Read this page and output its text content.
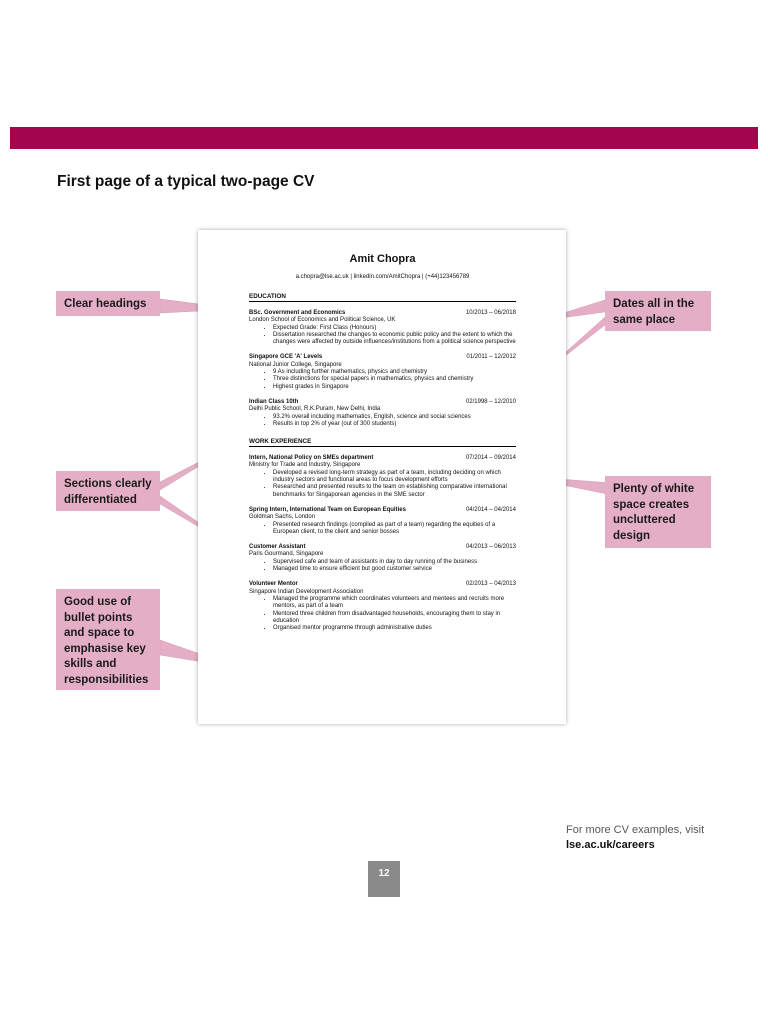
First page of a typical two-page CV
Clear headings
Sections clearly differentiated
Good use of bullet points and space to emphasise key skills and responsibilities
Dates all in the same place
Plenty of white space creates uncluttered design
Amit Chopra
a.chopra@lse.ac.uk | linkedin.com/AmitChopra | (+44)123456789
EDUCATION
BSc. Government and Economics	10/2013 – 06/2018
London School of Economics and Political Science, UK
• Expected Grade: First Class (Honours)
• Dissertation researched the changes to economic public policy and the extent to which the changes were affected by outside influences/institutions from a political science perspective
Singapore GCE 'A' Levels	01/2011 – 12/2012
National Junior College, Singapore
• 9 As including further mathematics, physics and chemistry
• Three distinctions for special papers in mathematics, physics and chemistry
• Highest grades in Singapore
Indian Class 10th	02/1998 – 12/2010
Delhi Public School, R.K.Puram, New Delhi, India
• 93.2% overall including mathematics, English, science and social sciences
• Results in top 2% of year (out of 300 students)
WORK EXPERIENCE
Intern, National Policy on SMEs department	07/2014 – 09/2014
Ministry for Trade and Industry, Singapore
• Developed a revised long-term strategy as part of a team, including deciding on which industry sectors and functional areas to focus development efforts
• Researched and presented results to the team on establishing comparative international benchmarks for Singaporean agencies in the SME sector
Spring Intern, International Team on European Equities	04/2014 – 04/2014
Goldman Sachs, London
• Presented research findings (compiled as part of a team) regarding the equities of a European client, to the client and senior bosses
Customer Assistant	04/2013 – 06/2013
Paris Gourmand, Singapore
• Supervised cafe and team of assistants in day to day running of the business
• Managed time to ensure efficient but good customer service
Volunteer Mentor	02/2013 – 04/2013
Singapore Indian Development Association
• Managed the programme which coordinates volunteers and mentees and recruits more mentors, as part of a team
• Mentored three children from disadvantaged households, encouraging them to stay in education
• Organised mentor programme through administrative duties
For more CV examples, visit
lse.ac.uk/careers
12
